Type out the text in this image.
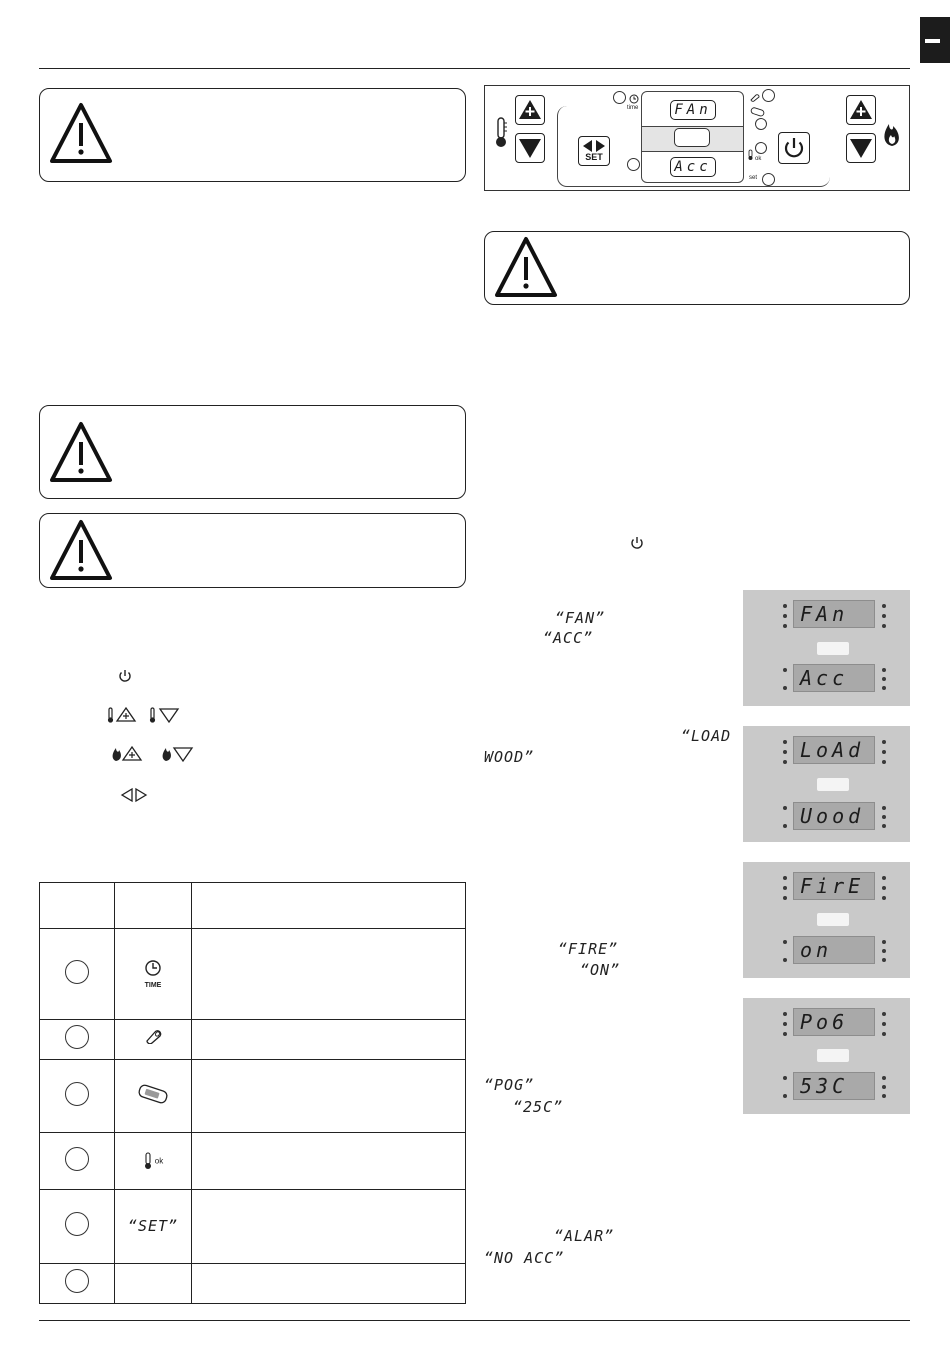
	TIME	

	ok	
	“SET”	

SET
time	FAn
Acc	ok
set
“FAN”
“ACC”
“LOAD
WOOD”
“FIRE”
“ON”
“POG”
“25C”
“ALAR”
“NO ACC”
FAn
Acc
LoAd
Uood
FirE
on
Po6
53C
